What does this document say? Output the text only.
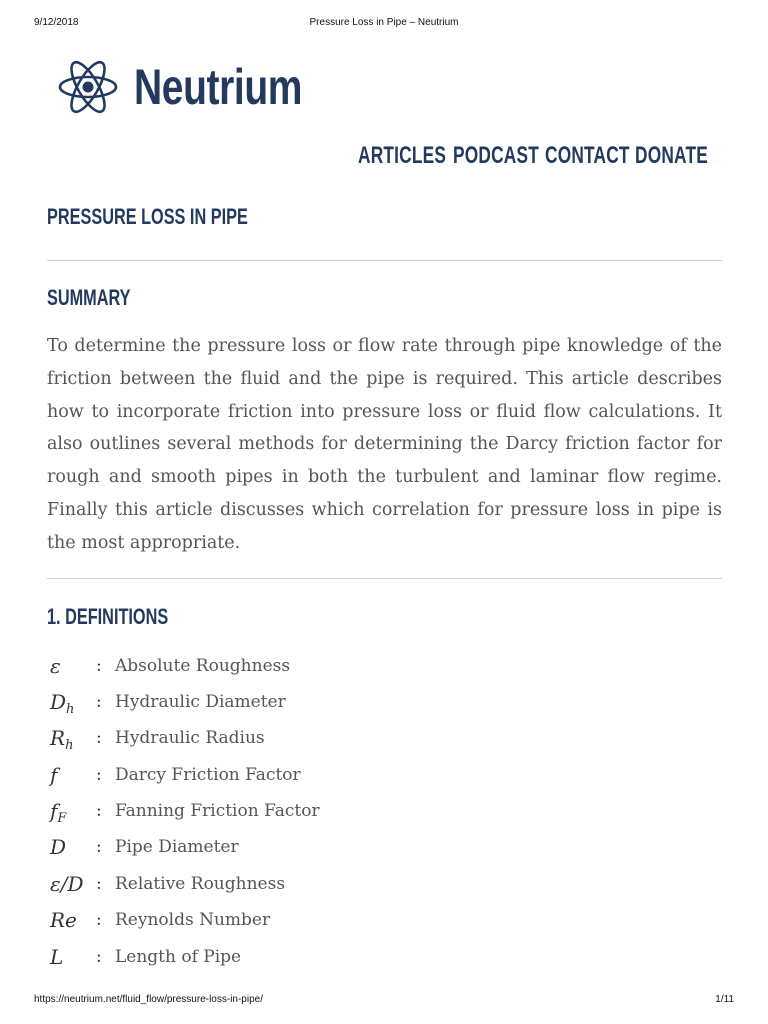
9/12/2018	Pressure Loss in Pipe – Neutrium
Neutrium
ARTICLES PODCAST CONTACT DONATE
PRESSURE LOSS IN PIPE
SUMMARY

To determine the pressure loss or flow rate through pipe knowledge of the friction between the fluid and the pipe is required. This article describes how to incorporate friction into pressure loss or fluid flow calculations. It also outlines several methods for determining the Darcy friction factor for rough and smooth pipes in both the turbulent and laminar flow regime. Finally this article discusses which correlation for pressure loss in pipe is the most appropriate.

1. DEFINITIONS
ε : Absolute Roughness
$D_h$ : Hydraulic Diameter
$R_h$ : Hydraulic Radius
f : Darcy Friction Factor
$f_F$ : Fanning Friction Factor
D : Pipe Diameter
ε/D : Relative Roughness
Re : Reynolds Number
L : Length of Pipe
https://neutrium.net/fluid_flow/pressure-loss-in-pipe/	1/11
